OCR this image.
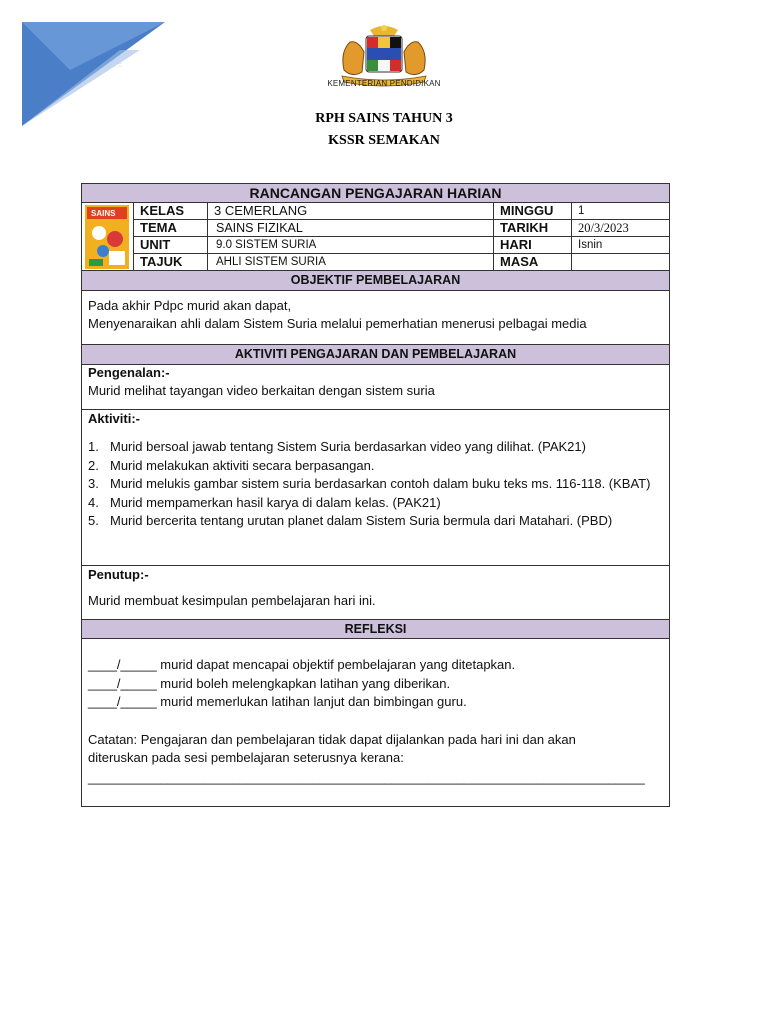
::
KEMENTERIAN PENDIDIKAN
RPH SAINS TAHUN 3
KSSR SEMAKAN
RANCANGAN PENGAJARAN HARIAN
SAINS	KELAS	3 CEMERLANG	MINGGU	1
TEMA	SAINS FIZIKAL	TARIKH	20/3/2023
UNIT	9.0 SISTEM SURIA	HARI	Isnin
TAJUK	AHLI SISTEM SURIA	MASA
OBJEKTIF PEMBELAJARAN
Pada akhir Pdpc murid akan dapat,
Menyenaraikan ahli dalam Sistem Suria melalui pemerhatian menerusi pelbagai media
AKTIVITI PENGAJARAN DAN PEMBELAJARAN
Pengenalan:-
Murid melihat tayangan video berkaitan dengan sistem suria
Aktiviti:-
1. Murid bersoal jawab tentang Sistem Suria berdasarkan video yang dilihat. (PAK21)
2. Murid melakukan aktiviti secara berpasangan.
3. Murid melukis gambar sistem suria berdasarkan contoh dalam buku teks ms. 116-118. (KBAT)
4. Murid mempamerkan hasil karya di dalam kelas. (PAK21)
5. Murid bercerita tentang urutan planet dalam Sistem Suria bermula dari Matahari. (PBD)
Penutup:-
Murid membuat kesimpulan pembelajaran hari ini.
REFLEKSI
____/_____ murid dapat mencapai objektif pembelajaran yang ditetapkan.
____/_____ murid boleh melengkapkan latihan yang diberikan.
____/_____ murid memerlukan latihan lanjut dan bimbingan guru.
Catatan: Pengajaran dan pembelajaran tidak dapat dijalankan pada hari ini dan akan
diteruskan pada sesi pembelajaran seterusnya kerana:
_____________________________________________________________________________
